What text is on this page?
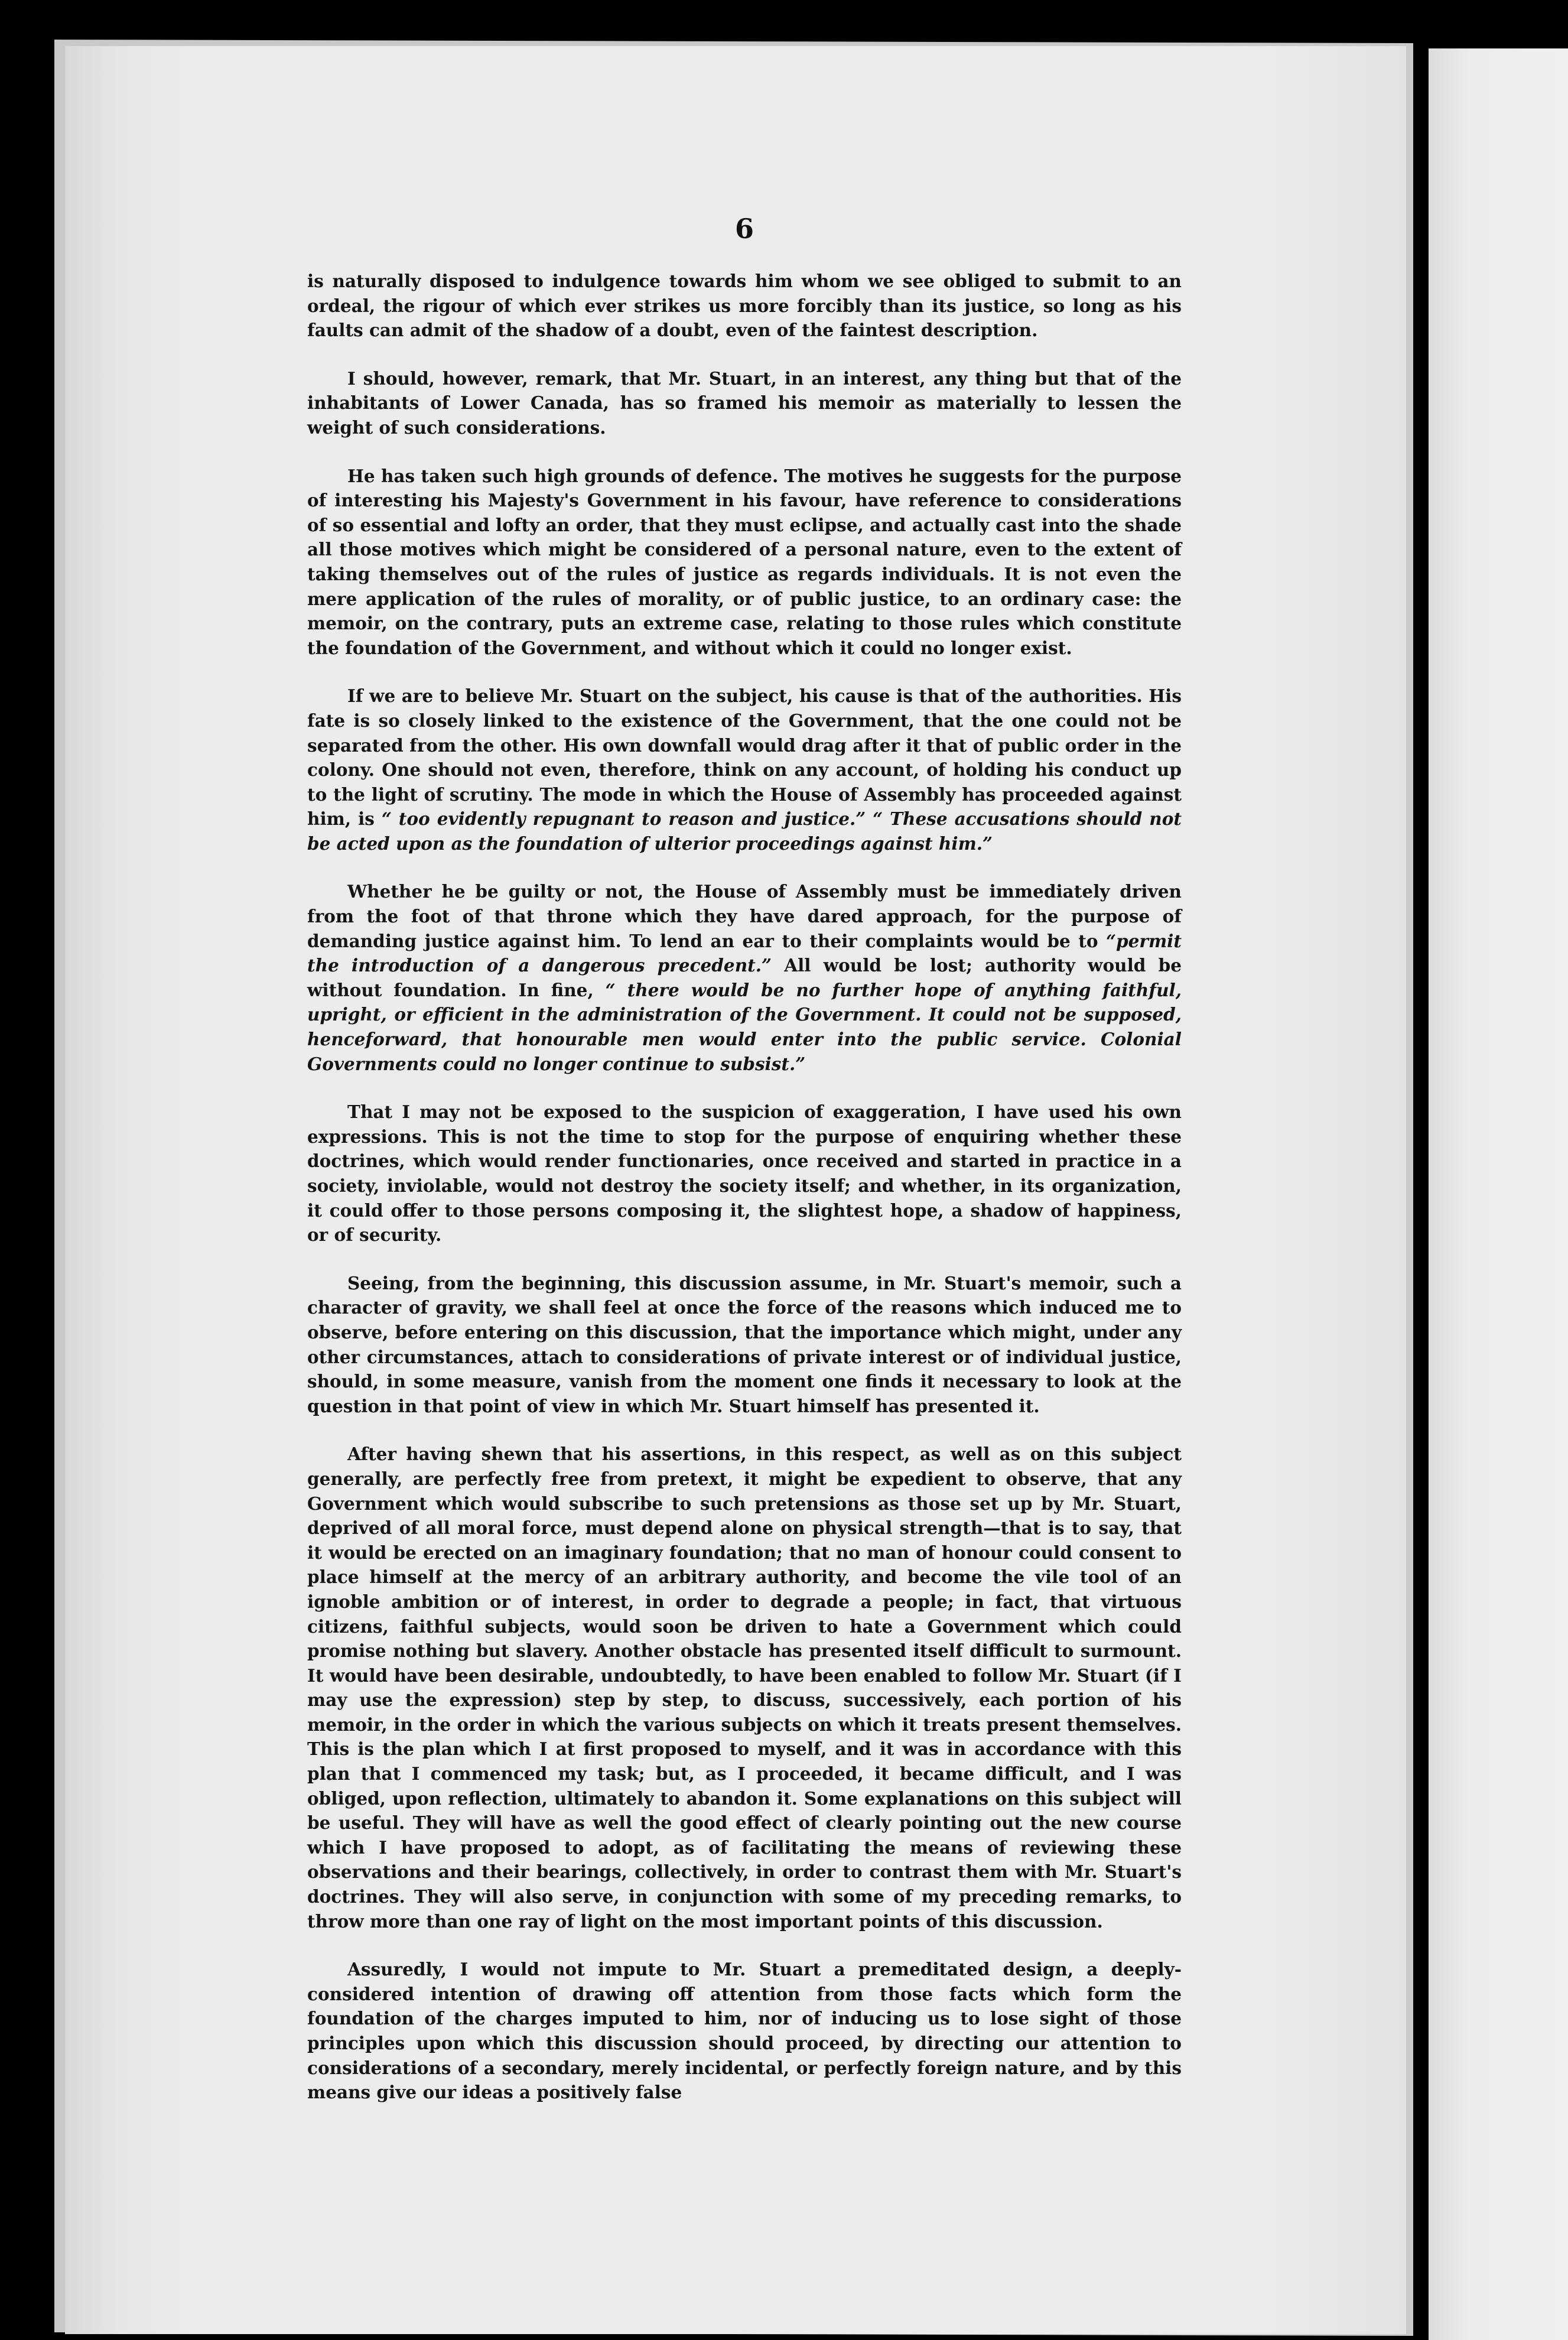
6

is naturally disposed to indulgence towards him whom we see obliged to submit to an ordeal, the rigour of which ever strikes us more forcibly than its justice, so long as his faults can admit of the shadow of a doubt, even of the faintest description.

I should, however, remark, that Mr. Stuart, in an interest, any thing but that of the inhabitants of Lower Canada, has so framed his memoir as materially to lessen the weight of such considerations.

He has taken such high grounds of defence. The motives he suggests for the purpose of interesting his Majesty's Government in his favour, have reference to considerations of so essential and lofty an order, that they must eclipse, and actually cast into the shade all those motives which might be considered of a personal nature, even to the extent of taking themselves out of the rules of justice as regards individuals. It is not even the mere application of the rules of morality, or of public justice, to an ordinary case: the memoir, on the contrary, puts an extreme case, relating to those rules which constitute the foundation of the Government, and without which it could no longer exist.

If we are to believe Mr. Stuart on the subject, his cause is that of the authorities. His fate is so closely linked to the existence of the Government, that the one could not be separated from the other. His own downfall would drag after it that of public order in the colony. One should not even, therefore, think on any account, of holding his conduct up to the light of scrutiny. The mode in which the House of Assembly has proceeded against him, is “ too evidently repugnant to reason and justice.” “ These accusations should not be acted upon as the foundation of ulterior proceedings against him.”

Whether he be guilty or not, the House of Assembly must be immediately driven from the foot of that throne which they have dared approach, for the purpose of demanding justice against him. To lend an ear to their complaints would be to “permit the introduction of a dangerous precedent.” All would be lost; authority would be without foundation. In fine, “ there would be no further hope of anything faithful, upright, or efficient in the administration of the Government. It could not be supposed, henceforward, that honourable men would enter into the public service. Colonial Governments could no longer continue to subsist.”

That I may not be exposed to the suspicion of exaggeration, I have used his own expressions. This is not the time to stop for the purpose of enquiring whether these doctrines, which would render functionaries, once received and started in practice in a society, inviolable, would not destroy the society itself; and whether, in its organization, it could offer to those persons composing it, the slightest hope, a shadow of happiness, or of security.

Seeing, from the beginning, this discussion assume, in Mr. Stuart's memoir, such a character of gravity, we shall feel at once the force of the reasons which induced me to observe, before entering on this discussion, that the importance which might, under any other circumstances, attach to considerations of private interest or of individual justice, should, in some measure, vanish from the moment one finds it necessary to look at the question in that point of view in which Mr. Stuart himself has presented it.

After having shewn that his assertions, in this respect, as well as on this subject generally, are perfectly free from pretext, it might be expedient to observe, that any Government which would subscribe to such pretensions as those set up by Mr. Stuart, deprived of all moral force, must depend alone on physical strength—that is to say, that it would be erected on an imaginary foundation; that no man of honour could consent to place himself at the mercy of an arbitrary authority, and become the vile tool of an ignoble ambition or of interest, in order to degrade a people; in fact, that virtuous citizens, faithful subjects, would soon be driven to hate a Government which could promise nothing but slavery. Another obstacle has presented itself difficult to surmount. It would have been desirable, undoubtedly, to have been enabled to follow Mr. Stuart (if I may use the expression) step by step, to discuss, successively, each portion of his memoir, in the order in which the various subjects on which it treats present themselves. This is the plan which I at first proposed to myself, and it was in accordance with this plan that I commenced my task; but, as I proceeded, it became difficult, and I was obliged, upon reflection, ultimately to abandon it. Some explanations on this subject will be useful. They will have as well the good effect of clearly pointing out the new course which I have proposed to adopt, as of facilitating the means of reviewing these observations and their bearings, collectively, in order to contrast them with Mr. Stuart's doctrines. They will also serve, in conjunction with some of my preceding remarks, to throw more than one ray of light on the most important points of this discussion.

Assuredly, I would not impute to Mr. Stuart a premeditated design, a deeply-considered intention of drawing off attention from those facts which form the foundation of the charges imputed to him, nor of inducing us to lose sight of those principles upon which this discussion should proceed, by directing our attention to considerations of a secondary, merely incidental, or perfectly foreign nature, and by this means give our ideas a positively false
